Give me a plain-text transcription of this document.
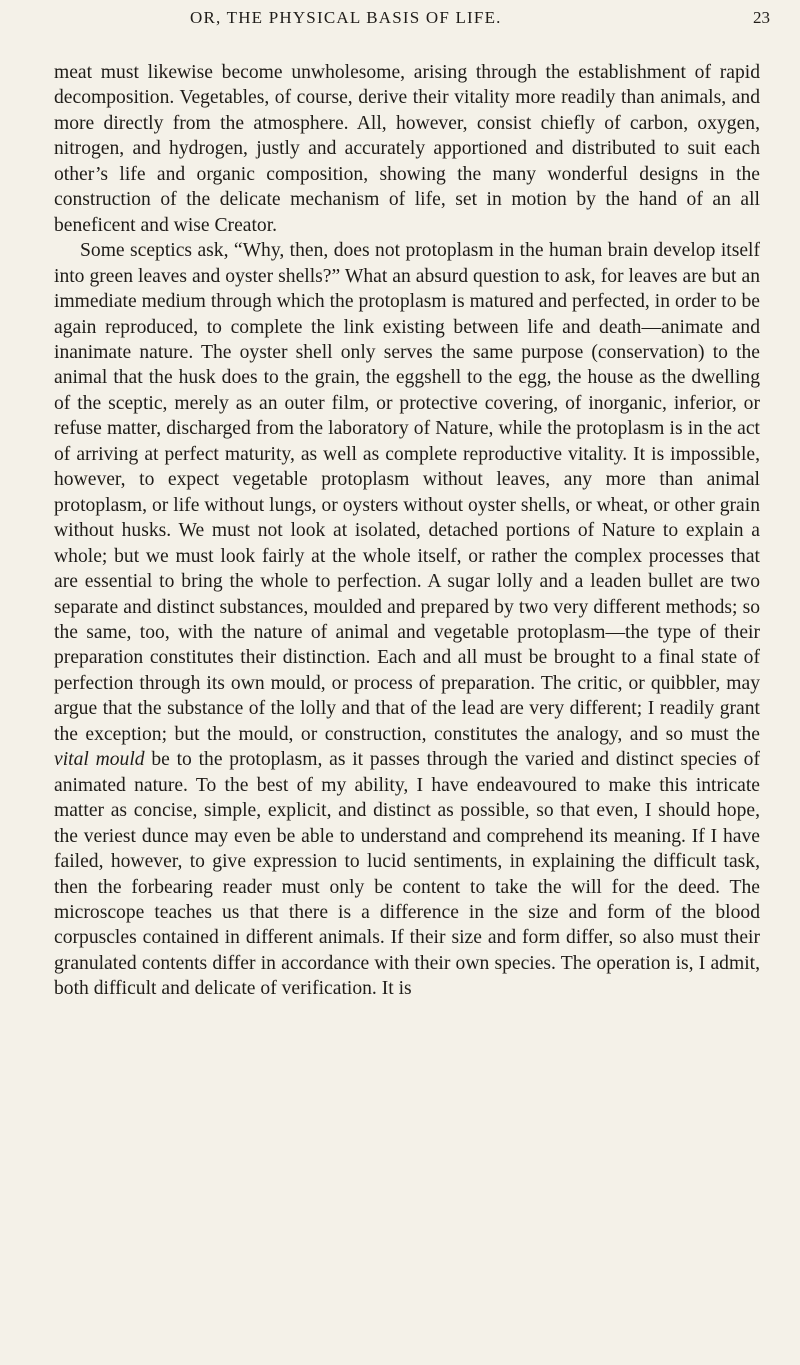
OR, THE PHYSICAL BASIS OF LIFE.	23

meat must likewise become unwholesome, arising through the establishment of rapid decomposition. Vegetables, of course, derive their vitality more readily than animals, and more directly from the atmosphere. All, however, consist chiefly of carbon, oxygen, nitrogen, and hydrogen, justly and accurately apportioned and distributed to suit each other’s life and organic composition, showing the many wonderful designs in the construction of the delicate mechanism of life, set in motion by the hand of an all beneficent and wise Creator.

Some sceptics ask, “Why, then, does not protoplasm in the human brain develop itself into green leaves and oyster shells?” What an absurd question to ask, for leaves are but an immediate medium through which the protoplasm is matured and perfected, in order to be again reproduced, to complete the link existing between life and death—animate and inanimate nature. The oyster shell only serves the same purpose (conservation) to the animal that the husk does to the grain, the eggshell to the egg, the house as the dwelling of the sceptic, merely as an outer film, or protective covering, of inorganic, inferior, or refuse matter, discharged from the laboratory of Nature, while the protoplasm is in the act of arriving at perfect maturity, as well as complete reproductive vitality. It is impossible, however, to expect vegetable protoplasm without leaves, any more than animal protoplasm, or life without lungs, or oysters without oyster shells, or wheat, or other grain without husks. We must not look at isolated, detached portions of Nature to explain a whole; but we must look fairly at the whole itself, or rather the complex processes that are essential to bring the whole to perfection. A sugar lolly and a leaden bullet are two separate and distinct substances, moulded and prepared by two very different methods; so the same, too, with the nature of animal and vegetable protoplasm—the type of their preparation constitutes their distinction. Each and all must be brought to a final state of perfection through its own mould, or process of preparation. The critic, or quibbler, may argue that the substance of the lolly and that of the lead are very different; I readily grant the exception; but the mould, or construction, constitutes the analogy, and so must the vital mould be to the protoplasm, as it passes through the varied and distinct species of animated nature. To the best of my ability, I have endeavoured to make this intricate matter as concise, simple, explicit, and distinct as possible, so that even, I should hope, the veriest dunce may even be able to understand and comprehend its meaning. If I have failed, however, to give expression to lucid sentiments, in explaining the difficult task, then the forbearing reader must only be content to take the will for the deed. The microscope teaches us that there is a difference in the size and form of the blood corpuscles contained in different animals. If their size and form differ, so also must their granulated contents differ in accordance with their own species. The operation is, I admit, both difficult and delicate of verification. It is
